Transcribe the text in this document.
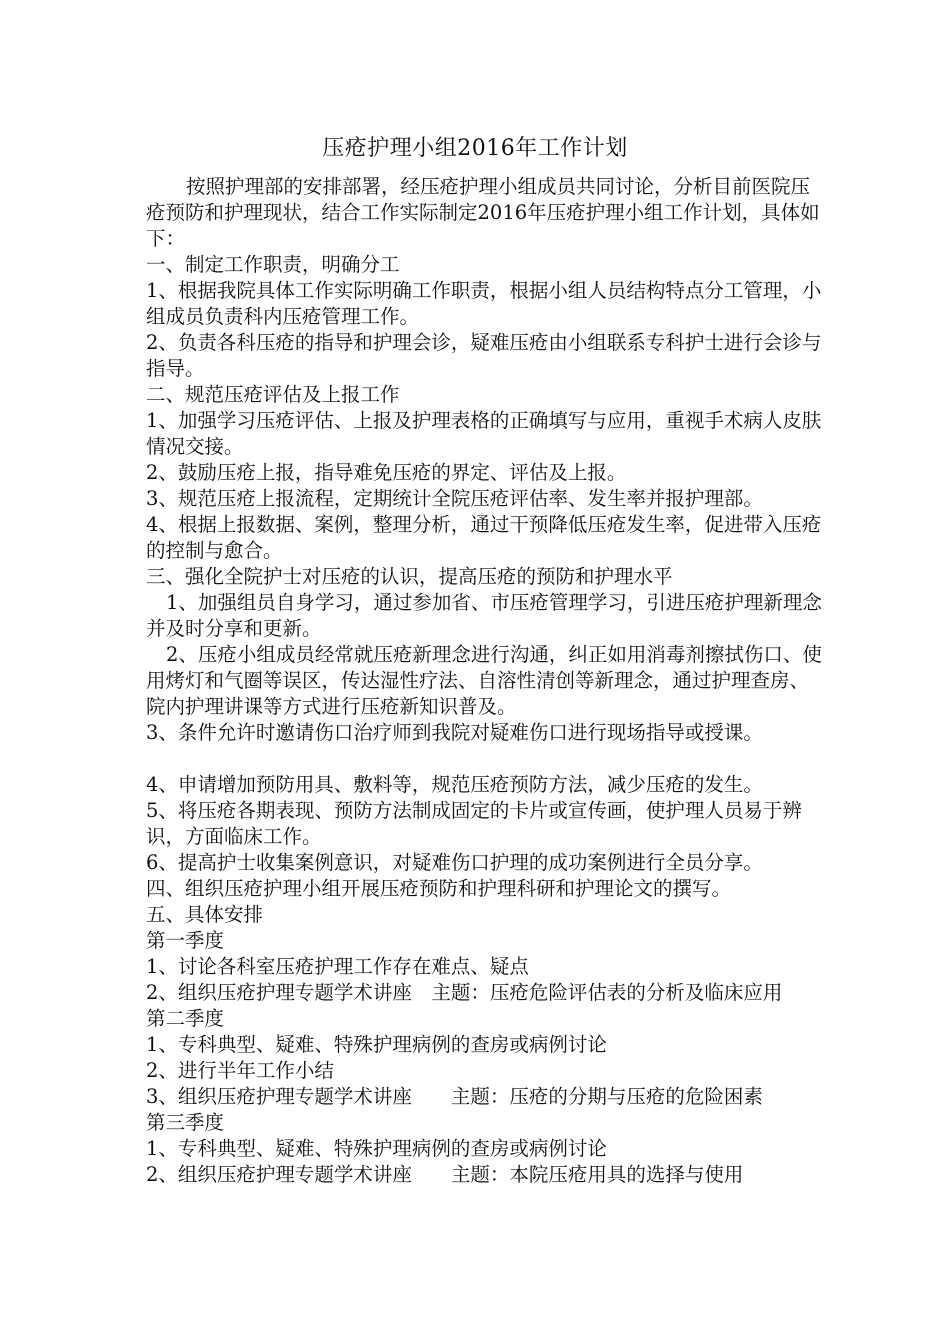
压疮护理小组2016年工作计划

按照护理部的安排部署，经压疮护理小组成员共同讨论，分析目前医院压疮预防和护理现状，结合工作实际制定2016年压疮护理小组工作计划，具体如下：

一、制定工作职责，明确分工

1、根据我院具体工作实际明确工作职责，根据小组人员结构特点分工管理，小组成员负责科内压疮管理工作。

2、负责各科压疮的指导和护理会诊，疑难压疮由小组联系专科护士进行会诊与指导。

二、规范压疮评估及上报工作

1、加强学习压疮评估、上报及护理表格的正确填写与应用，重视手术病人皮肤情况交接。

2、鼓励压疮上报，指导难免压疮的界定、评估及上报。

3、规范压疮上报流程，定期统计全院压疮评估率、发生率并报护理部。

4、根据上报数据、案例，整理分析，通过干预降低压疮发生率，促进带入压疮的控制与愈合。

三、强化全院护士对压疮的认识，提高压疮的预防和护理水平

1、加强组员自身学习，通过参加省、市压疮管理学习，引进压疮护理新理念并及时分享和更新。

2、压疮小组成员经常就压疮新理念进行沟通，纠正如用消毒剂擦拭伤口、使用烤灯和气圈等误区，传达湿性疗法、自溶性清创等新理念，通过护理查房、院内护理讲课等方式进行压疮新知识普及。

3、条件允许时邀请伤口治疗师到我院对疑难伤口进行现场指导或授课。

4、申请增加预防用具、敷料等，规范压疮预防方法，减少压疮的发生。

5、将压疮各期表现、预防方法制成固定的卡片或宣传画，使护理人员易于辨识，方面临床工作。

6、提高护士收集案例意识，对疑难伤口护理的成功案例进行全员分享。

四、组织压疮护理小组开展压疮预防和护理科研和护理论文的撰写。

五、具体安排

第一季度

1、讨论各科室压疮护理工作存在难点、疑点

2、组织压疮护理专题学术讲座　主题：压疮危险评估表的分析及临床应用

第二季度

1、专科典型、疑难、特殊护理病例的查房或病例讨论

2、进行半年工作小结

3、组织压疮护理专题学术讲座　　主题：压疮的分期与压疮的危险困素

第三季度

1、专科典型、疑难、特殊护理病例的查房或病例讨论

2、组织压疮护理专题学术讲座　　主题：本院压疮用具的选择与使用
